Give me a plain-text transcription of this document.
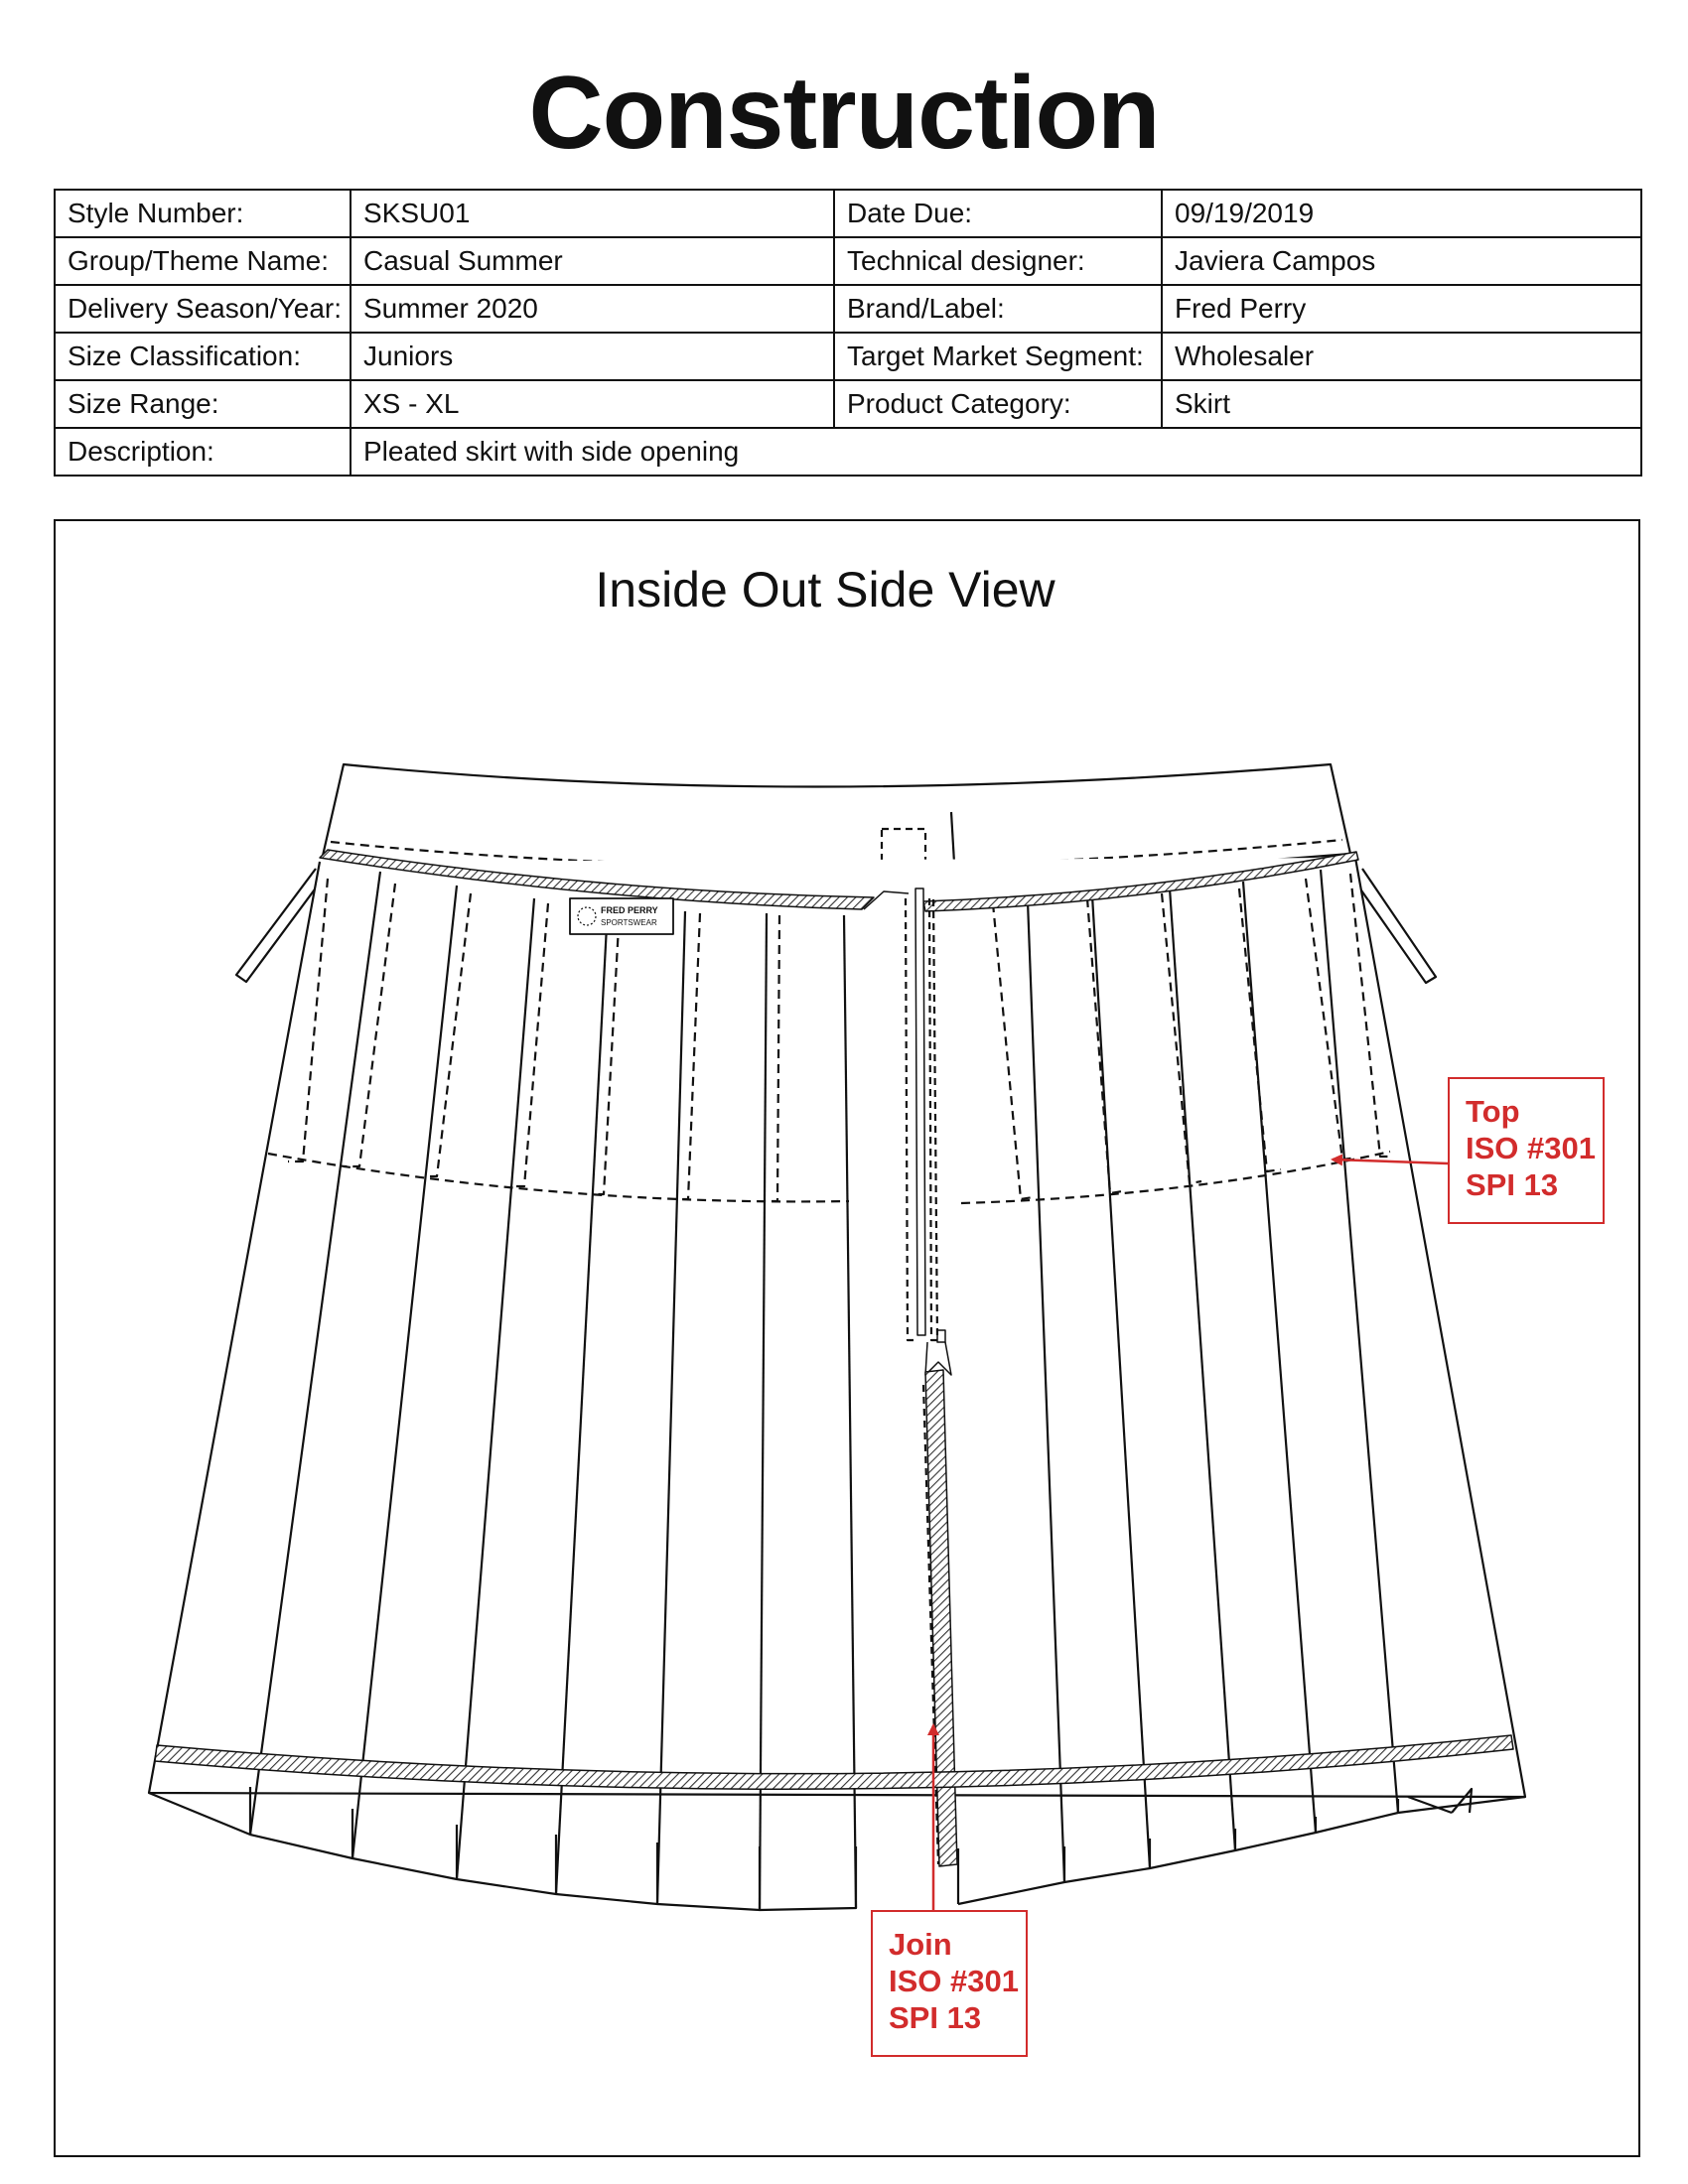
Construction
Style Number:	SKSU01	Date Due:	09/19/2019
Group/Theme Name:	Casual Summer	Technical designer:	Javiera Campos
Delivery Season/Year:	Summer 2020	Brand/Label:	Fred Perry
Size Classification:	Juniors	Target Market Segment:	Wholesaler
Size Range:	XS - XL	Product Category:	Skirt
Description:	Pleated skirt with side opening		
Inside Out Side View
FRED PERRY
SPORTSWEAR
Top
ISO #301
SPI 13
Join
ISO #301
SPI 13
